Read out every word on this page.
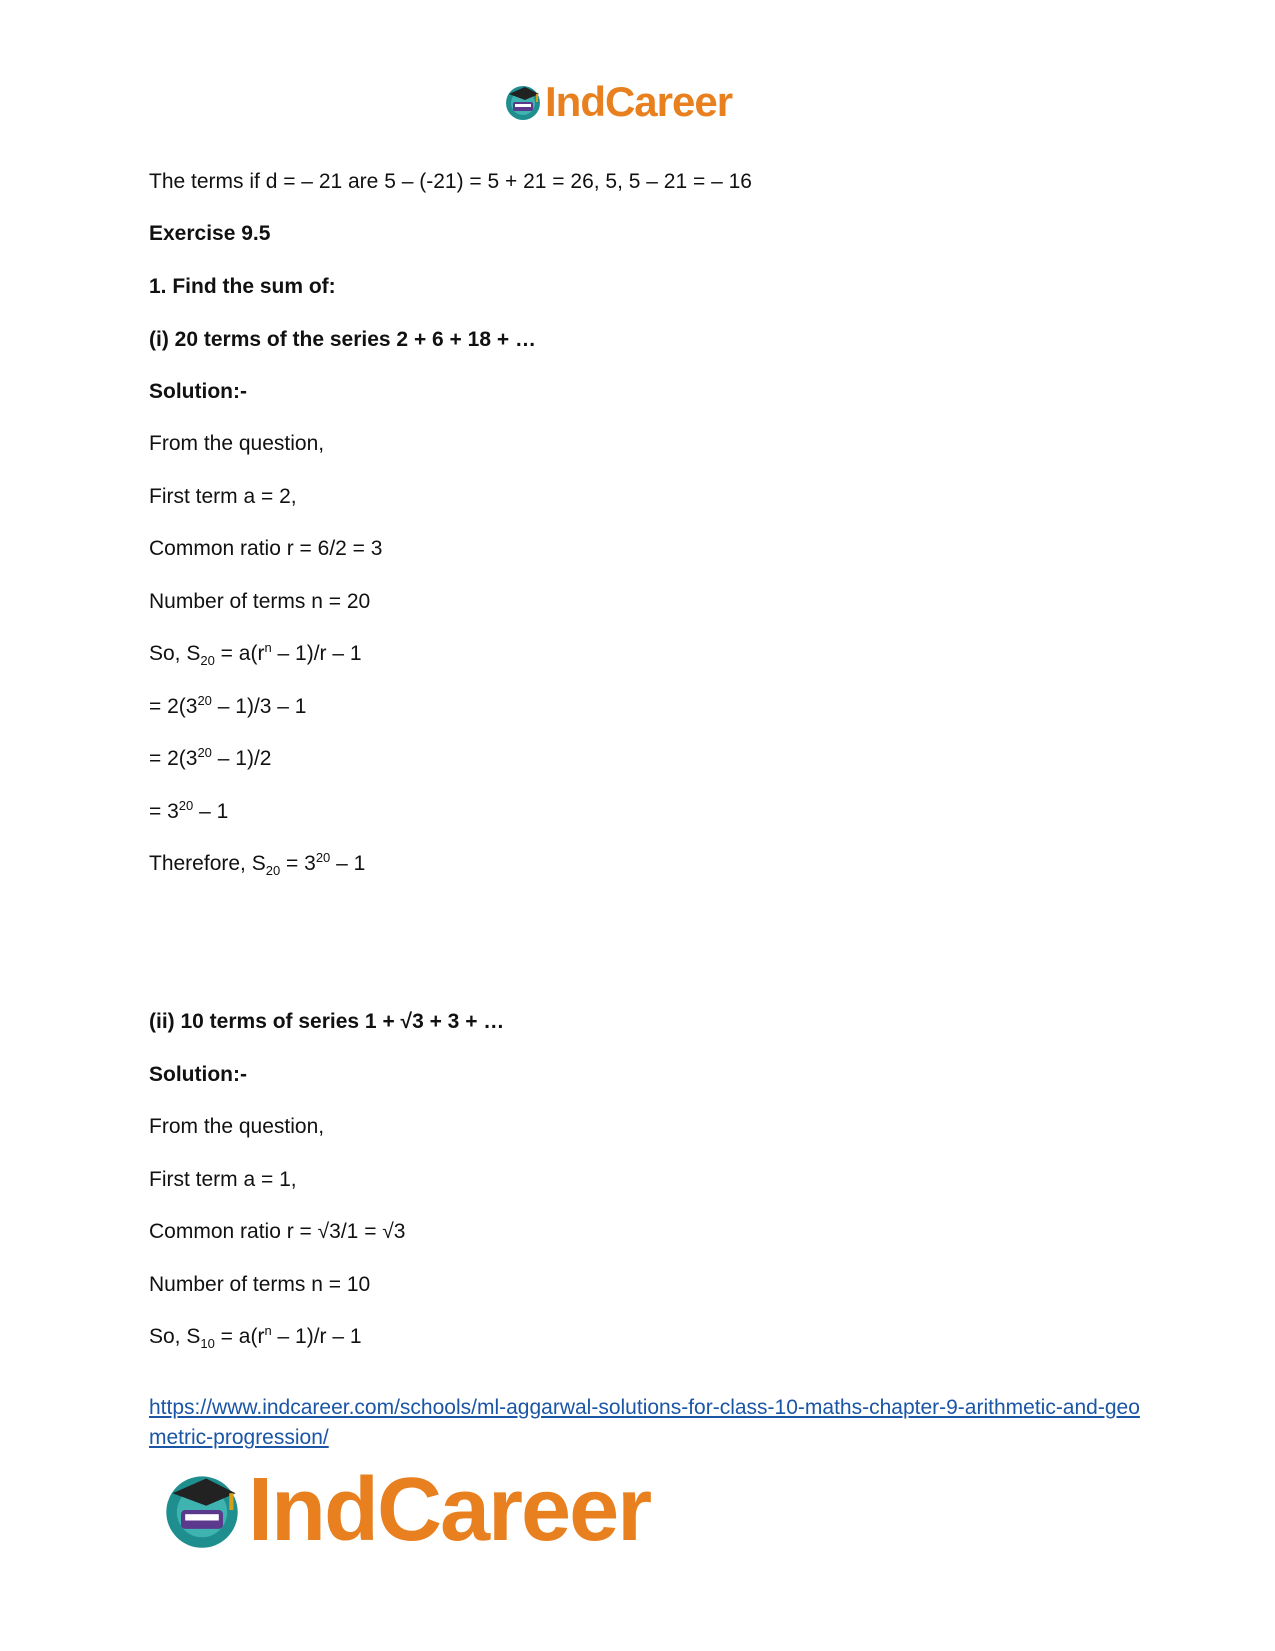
IndCareer
The terms if d = – 21 are 5 – (-21) = 5 + 21 = 26, 5, 5 – 21 = – 16
Exercise 9.5
1. Find the sum of:
(i) 20 terms of the series 2 + 6 + 18 + …
Solution:-
From the question,
First term a = 2,
Common ratio r = 6/2 = 3
Number of terms n = 20
So, $S_{20} = a(r^n - 1)/r - 1$
= $2(3^{20} - 1)/3 - 1$
= $2(3^{20} - 1)/2$
= $3^{20} - 1$
Therefore, $S_{20} = 3^{20} - 1$
(ii) 10 terms of series 1 + √3 + 3 + …
Solution:-
From the question,
First term a = 1,
Common ratio r = √3/1 = √3
Number of terms n = 10
So, $S_{10} = a(r^n - 1)/r - 1$
https://www.indcareer.com/schools/ml-aggarwal-solutions-for-class-10-maths-chapter-9-arithmetic-and-geometric-progression/
IndCareer
